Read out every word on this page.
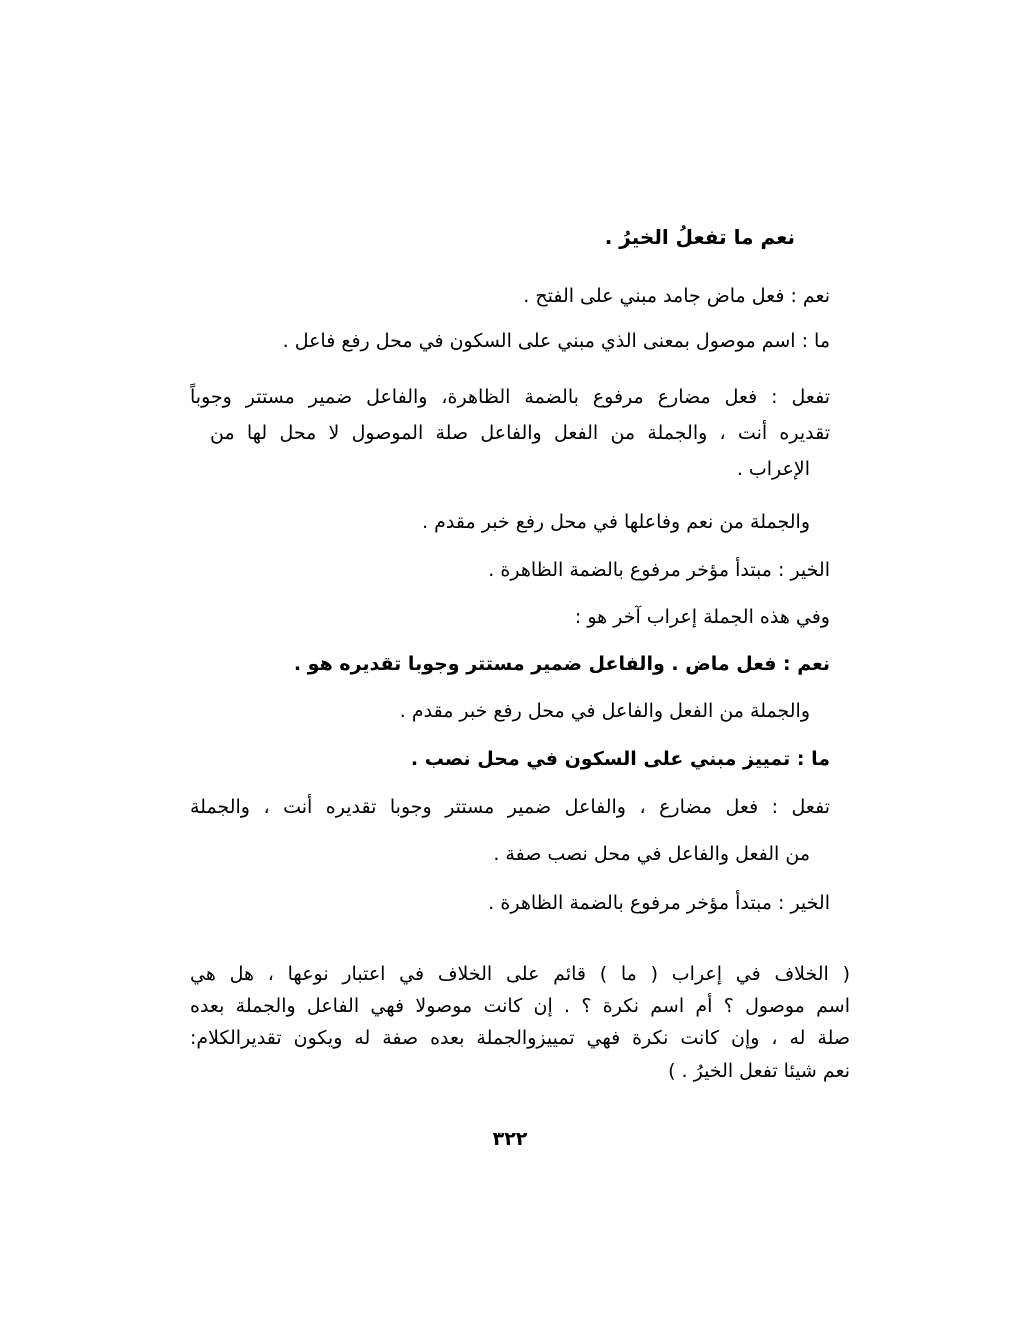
نعم ما تفعلُ الخيرُ .
نعم : فعل ماض جامد مبني على الفتح .
ما : اسم موصول بمعنى الذي مبني على السكون في محل رفع فاعل .
تفعل : فعل مضارع مرفوع بالضمة الظاهرة، والفاعل ضمير مستتر وجوباً
تقديره أنت ، والجملة من الفعل والفاعل صلة الموصول لا محل لها من
الإعراب .
والجملة من نعم وفاعلها في محل رفع خبر مقدم .
الخير : مبتدأ مؤخر مرفوع بالضمة الظاهرة .
وفي هذه الجملة إعراب آخر هو :
نعم : فعل ماض . والفاعل ضمير مستتر وجوبا تقديره هو .
والجملة من الفعل والفاعل في محل رفع خبر مقدم .
ما : تمييز مبني على السكون في محل نصب .
تفعل : فعل مضارع ، والفاعل ضمير مستتر وجوبا تقديره أنت ، والجملة
من الفعل والفاعل في محل نصب صفة .
الخير : مبتدأ مؤخر مرفوع بالضمة الظاهرة .
( الخلاف في إعراب ( ما ) قائم على الخلاف في اعتبار نوعها ، هل هي
اسم موصول ؟ أم اسم نكرة ؟ . إن كانت موصولا فهي الفاعل والجملة بعده
صلة له ، وإن كانت نكرة فهي تمييزوالجملة بعده صفة له ويكون تقديرالكلام:
نعم شيئا تفعل الخيرُ . )
٣٢٢
